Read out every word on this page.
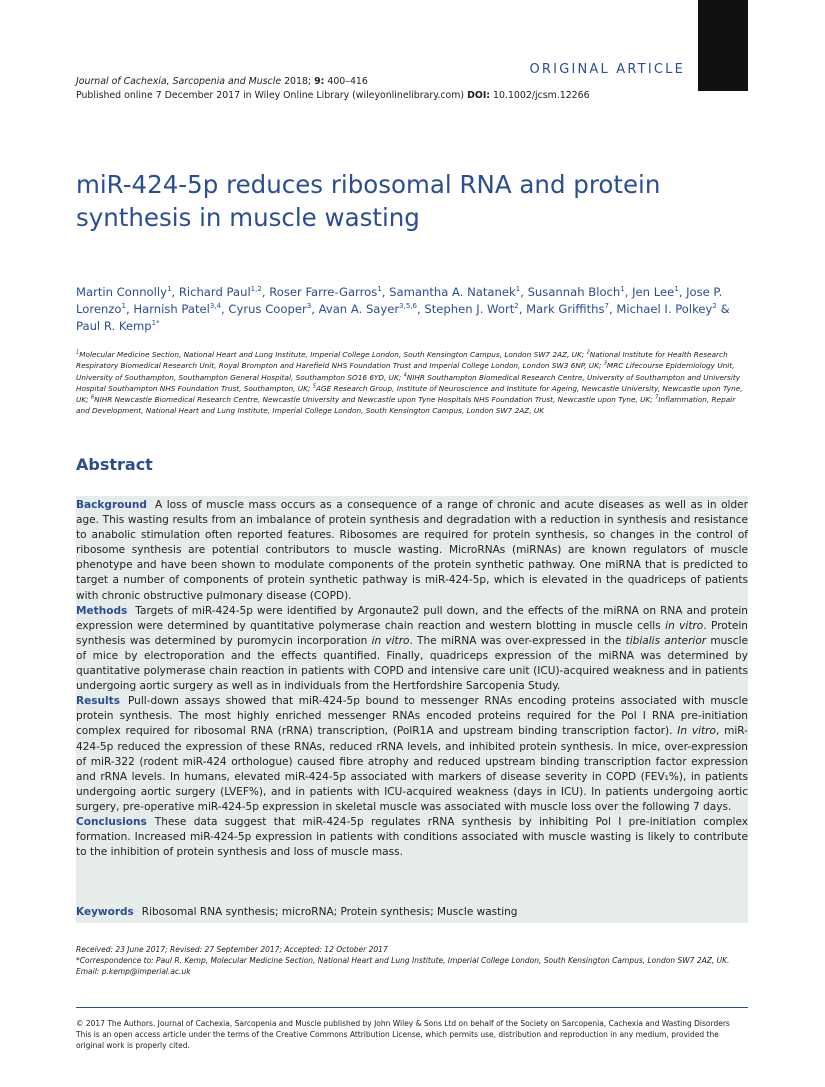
ORIGINAL ARTICLE
Journal of Cachexia, Sarcopenia and Muscle 2018; 9: 400–416
Published online 7 December 2017 in Wiley Online Library (wileyonlinelibrary.com) DOI: 10.1002/jcsm.12266
miR-424-5p reduces ribosomal RNA and protein synthesis in muscle wasting
Martin Connolly$^1$, Richard Paul$^{1,2}$, Roser Farre-Garros$^1$, Samantha A. Natanek$^1$, Susannah Bloch$^1$, Jen Lee$^1$, Jose P. Lorenzo$^1$, Harnish Patel$^{3,4}$, Cyrus Cooper$^3$, Avan A. Sayer$^{3,5,6}$, Stephen J. Wort$^2$, Mark Griffiths$^7$, Michael I. Polkey$^2$ & Paul R. Kemp$^{1*}$
$^1$Molecular Medicine Section, National Heart and Lung Institute, Imperial College London, South Kensington Campus, London SW7 2AZ, UK; $^2$National Institute for Health Research Respiratory Biomedical Research Unit, Royal Brompton and Harefield NHS Foundation Trust and Imperial College London, London SW3 6NP, UK; $^3$MRC Lifecourse Epidemiology Unit, University of Southampton, Southampton General Hospital, Southampton SO16 6YD, UK; $^4$NIHR Southampton Biomedical Research Centre, University of Southampton and University Hospital Southampton NHS Foundation Trust, Southampton, UK; $^5$AGE Research Group, Institute of Neuroscience and Institute for Ageing, Newcastle University, Newcastle upon Tyne, UK; $^6$NIHR Newcastle Biomedical Research Centre, Newcastle University and Newcastle upon Tyne Hospitals NHS Foundation Trust, Newcastle upon Tyne, UK; $^7$Inflammation, Repair and Development, National Heart and Lung Institute, Imperial College London, South Kensington Campus, London SW7 2AZ, UK
Abstract

Background A loss of muscle mass occurs as a consequence of a range of chronic and acute diseases as well as in older age. This wasting results from an imbalance of protein synthesis and degradation with a reduction in synthesis and resistance to anabolic stimulation often reported features. Ribosomes are required for protein synthesis, so changes in the control of ribosome synthesis are potential contributors to muscle wasting. MicroRNAs (miRNAs) are known regulators of muscle phenotype and have been shown to modulate components of the protein synthetic pathway. One miRNA that is predicted to target a number of components of protein synthetic pathway is miR-424-5p, which is elevated in the quadriceps of patients with chronic obstructive pulmonary disease (COPD).

Methods Targets of miR-424-5p were identified by Argonaute2 pull down, and the effects of the miRNA on RNA and protein expression were determined by quantitative polymerase chain reaction and western blotting in muscle cells in vitro. Protein synthesis was determined by puromycin incorporation in vitro. The miRNA was over-expressed in the tibialis anterior muscle of mice by electroporation and the effects quantified. Finally, quadriceps expression of the miRNA was determined by quantitative polymerase chain reaction in patients with COPD and intensive care unit (ICU)-acquired weakness and in patients undergoing aortic surgery as well as in individuals from the Hertfordshire Sarcopenia Study.

Results Pull-down assays showed that miR-424-5p bound to messenger RNAs encoding proteins associated with muscle protein synthesis. The most highly enriched messenger RNAs encoded proteins required for the Pol I RNA pre-initiation complex required for ribosomal RNA (rRNA) transcription, (PolR1A and upstream binding transcription factor). In vitro, miR-424-5p reduced the expression of these RNAs, reduced rRNA levels, and inhibited protein synthesis. In mice, over-expression of miR-322 (rodent miR-424 orthologue) caused fibre atrophy and reduced upstream binding transcription factor expression and rRNA levels. In humans, elevated miR-424-5p associated with markers of disease severity in COPD (FEV₁%), in patients undergoing aortic surgery (LVEF%), and in patients with ICU-acquired weakness (days in ICU). In patients undergoing aortic surgery, pre-operative miR-424-5p expression in skeletal muscle was associated with muscle loss over the following 7 days.

Conclusions These data suggest that miR-424-5p regulates rRNA synthesis by inhibiting Pol I pre-initiation complex formation. Increased miR-424-5p expression in patients with conditions associated with muscle wasting is likely to contribute to the inhibition of protein synthesis and loss of muscle mass.

Keywords Ribosomal RNA synthesis; microRNA; Protein synthesis; Muscle wasting
Received: 23 June 2017; Revised: 27 September 2017; Accepted: 12 October 2017
*Correspondence to: Paul R. Kemp, Molecular Medicine Section, National Heart and Lung Institute, Imperial College London, South Kensington Campus, London SW7 2AZ, UK. Email: p.kemp@imperial.ac.uk
© 2017 The Authors. Journal of Cachexia, Sarcopenia and Muscle published by John Wiley & Sons Ltd on behalf of the Society on Sarcopenia, Cachexia and Wasting Disorders
This is an open access article under the terms of the Creative Commons Attribution License, which permits use, distribution and reproduction in any medium, provided the original work is properly cited.
